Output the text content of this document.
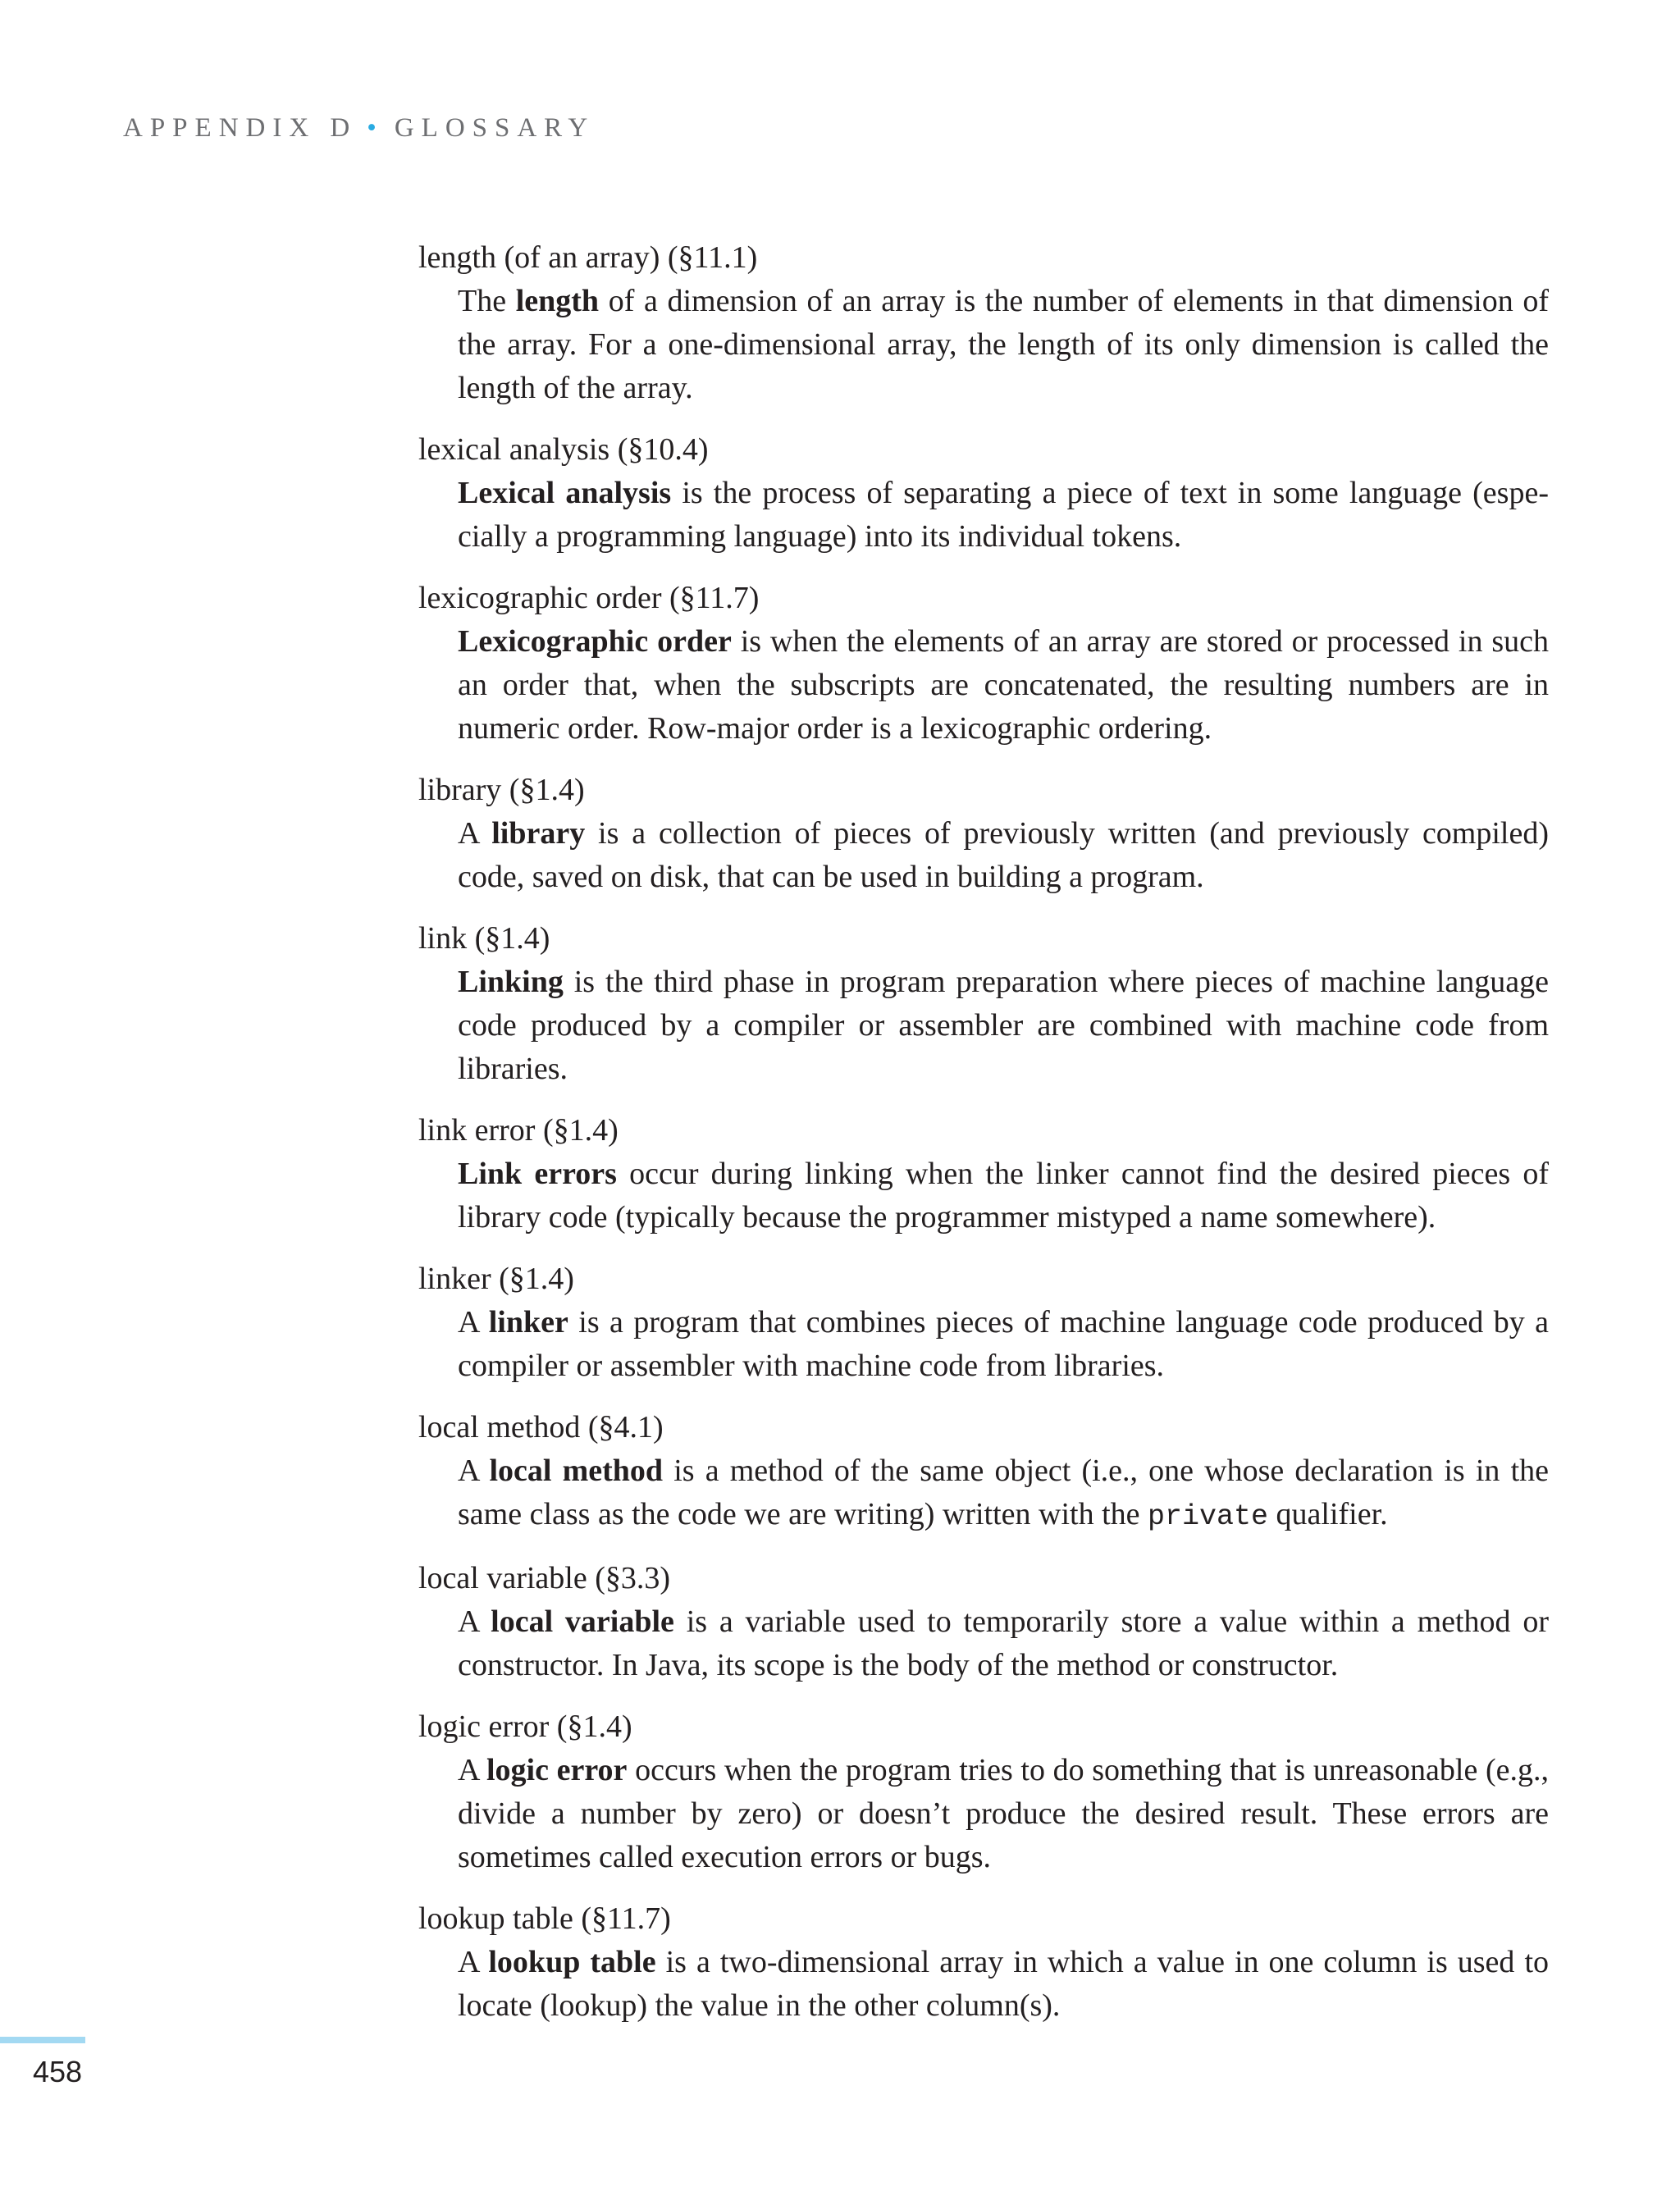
APPENDIX D • GLOSSARY
length (of an array) (§11.1)
The length of a dimension of an array is the number of elements in that dimension of the array. For a one-dimensional array, the length of its only dimension is called the length of the array.
lexical analysis (§10.4)
Lexical analysis is the process of separating a piece of text in some language (espe-cially a programming language) into its individual tokens.
lexicographic order (§11.7)
Lexicographic order is when the elements of an array are stored or processed in such an order that, when the subscripts are concatenated, the resulting numbers are in numeric order. Row-major order is a lexicographic ordering.
library (§1.4)
A library is a collection of pieces of previously written (and previously compiled) code, saved on disk, that can be used in building a program.
link (§1.4)
Linking is the third phase in program preparation where pieces of machine language code produced by a compiler or assembler are combined with machine code from libraries.
link error (§1.4)
Link errors occur during linking when the linker cannot find the desired pieces of library code (typically because the programmer mistyped a name somewhere).
linker (§1.4)
A linker is a program that combines pieces of machine language code produced by a compiler or assembler with machine code from libraries.
local method (§4.1)
A local method is a method of the same object (i.e., one whose declaration is in the same class as the code we are writing) written with the private qualifier.
local variable (§3.3)
A local variable is a variable used to temporarily store a value within a method or constructor. In Java, its scope is the body of the method or constructor.
logic error (§1.4)
A logic error occurs when the program tries to do something that is unreasonable (e.g., divide a number by zero) or doesn’t produce the desired result. These errors are sometimes called execution errors or bugs.
lookup table (§11.7)
A lookup table is a two-dimensional array in which a value in one column is used to locate (lookup) the value in the other column(s).
458
